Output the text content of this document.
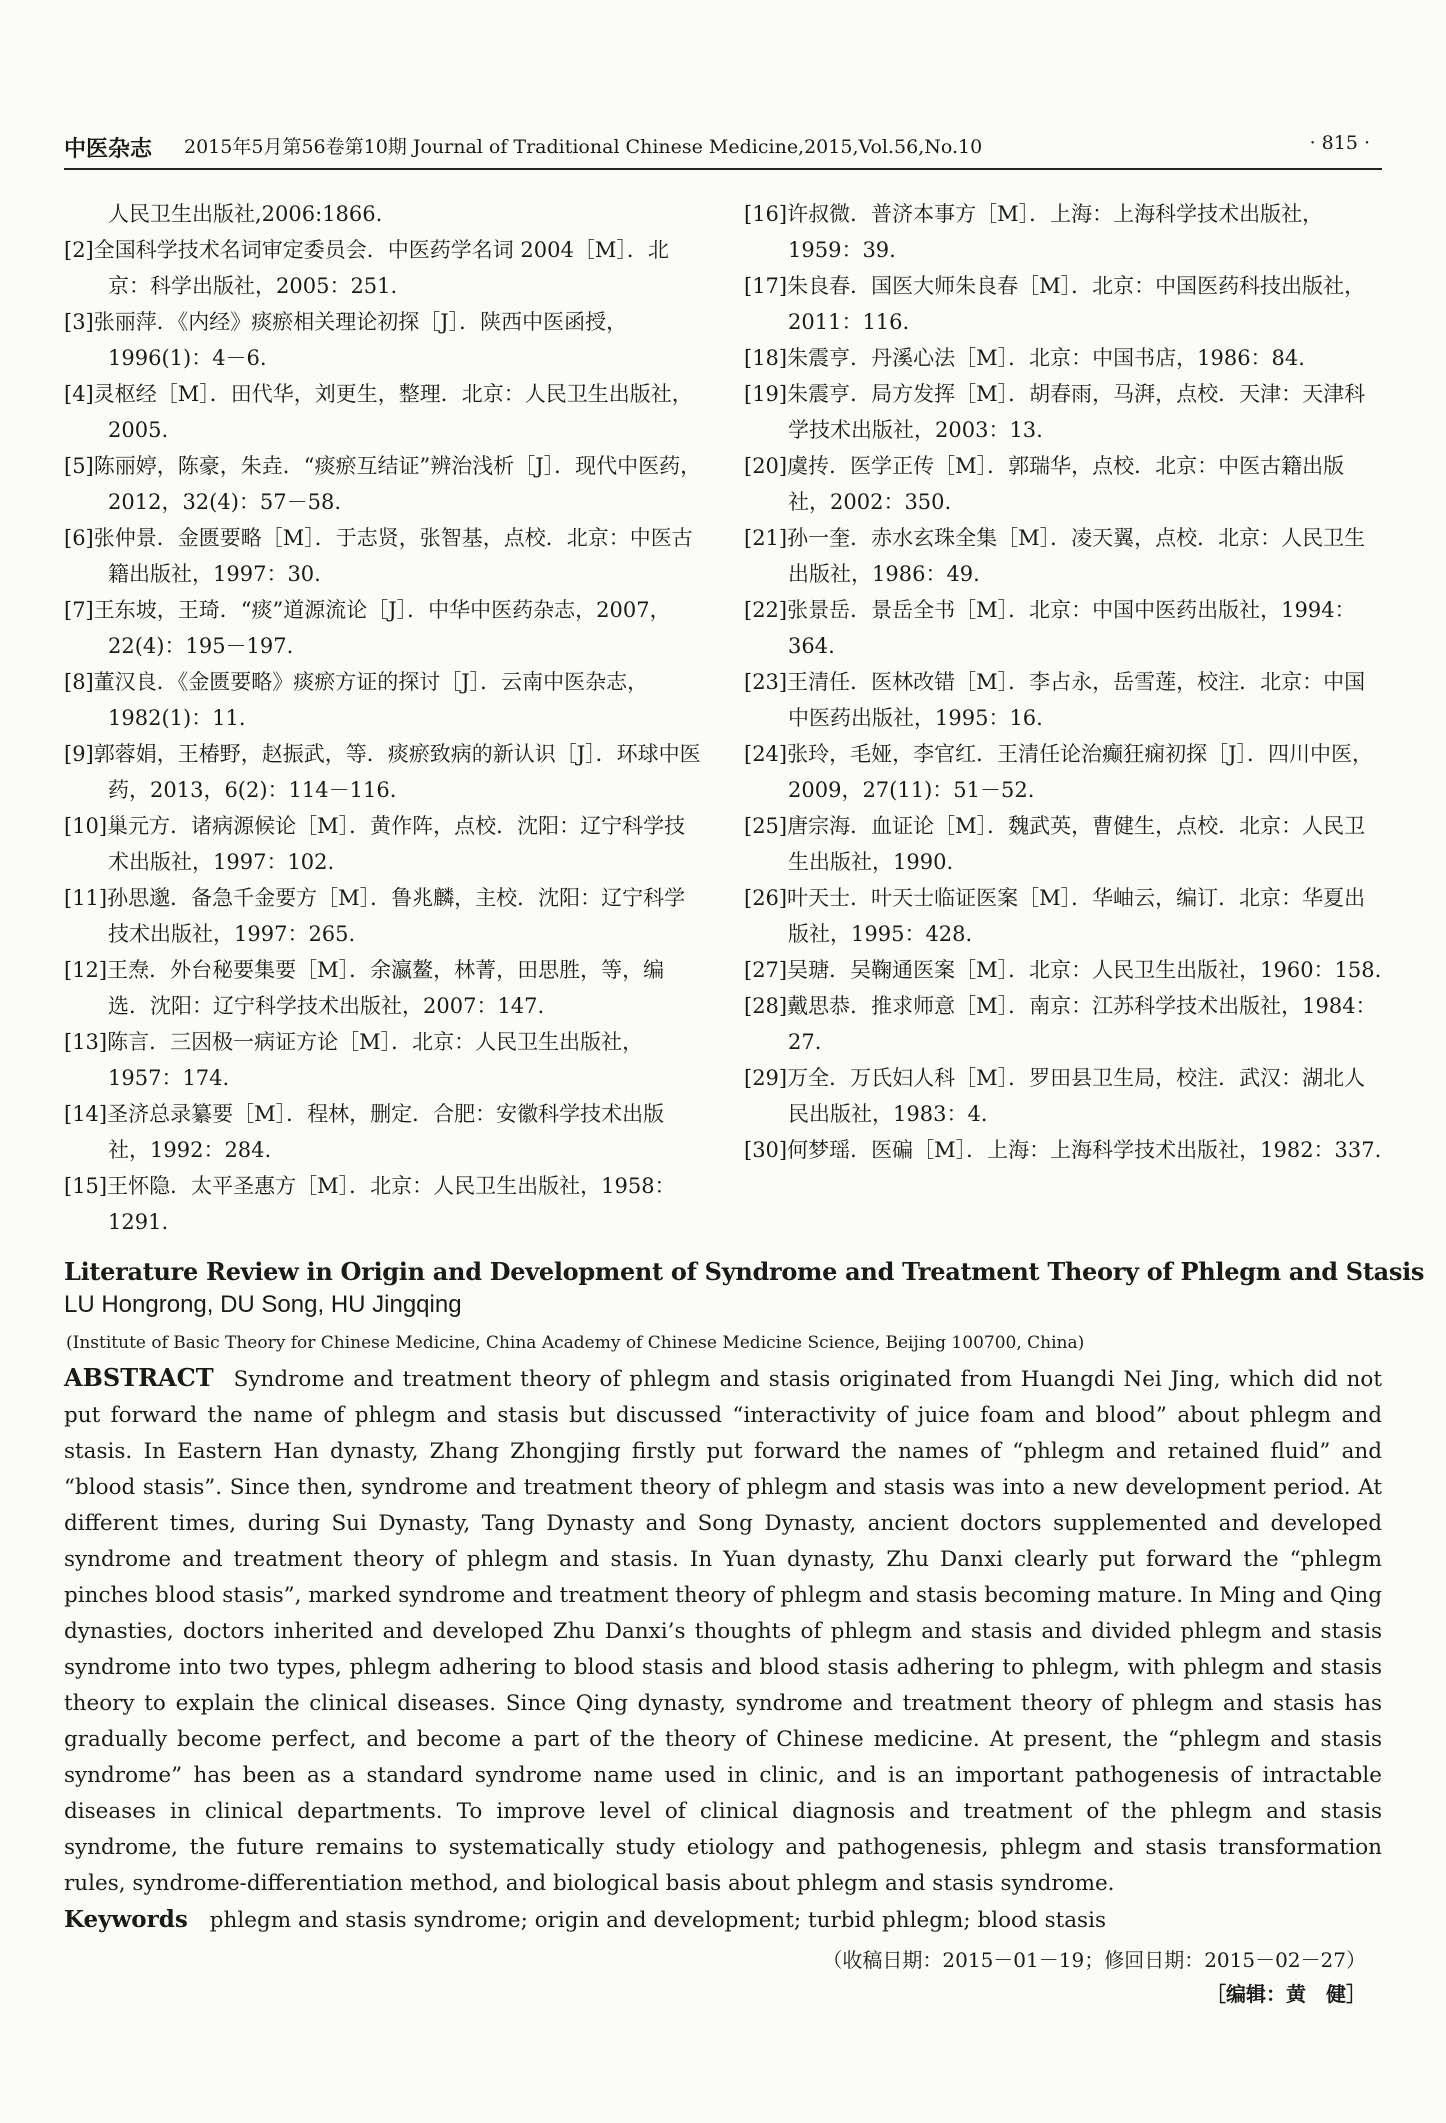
中医杂志 2015年5月第56卷第10期 Journal of Traditional Chinese Medicine,2015,Vol.56,No.10	· 815 ·
人民卫生出版社,2006:1866.
[2]全国科学技术名词审定委员会．中医药学名词 2004［M］．北京：科学出版社，2005：251.
[3]张丽萍．《内经》痰瘀相关理论初探［J］．陕西中医函授，1996(1)：4－6.
[4]灵枢经［M］．田代华，刘更生，整理．北京：人民卫生出版社，2005.
[5]陈丽婷，陈豪，朱垚．“痰瘀互结证”辨治浅析［J］．现代中医药，2012，32(4)：57－58.
[6]张仲景．金匮要略［M］．于志贤，张智基，点校．北京：中医古籍出版社，1997：30.
[7]王东坡，王琦．“痰”道源流论［J］．中华中医药杂志，2007，22(4)：195－197.
[8]董汉良．《金匮要略》痰瘀方证的探讨［J］．云南中医杂志，1982(1)：11.
[9]郭蓉娟，王椿野，赵振武，等．痰瘀致病的新认识［J］．环球中医药，2013，6(2)：114－116.
[10]巢元方．诸病源候论［M］．黄作阵，点校．沈阳：辽宁科学技术出版社，1997：102.
[11]孙思邈．备急千金要方［M］．鲁兆麟，主校．沈阳：辽宁科学技术出版社，1997：265.
[12]王焘．外台秘要集要［M］．余瀛鳌，林菁，田思胜，等，编选．沈阳：辽宁科学技术出版社，2007：147.
[13]陈言．三因极一病证方论［M］．北京：人民卫生出版社，1957：174.
[14]圣济总录纂要［M］．程林，删定．合肥：安徽科学技术出版社，1992：284.
[15]王怀隐．太平圣惠方［M］．北京：人民卫生出版社，1958：1291.
[16]许叔微．普济本事方［M］．上海：上海科学技术出版社，1959：39.
[17]朱良春．国医大师朱良春［M］．北京：中国医药科技出版社，2011：116.
[18]朱震亨．丹溪心法［M］．北京：中国书店，1986：84.
[19]朱震亨．局方发挥［M］．胡春雨，马湃，点校．天津：天津科学技术出版社，2003：13.
[20]虞抟．医学正传［M］．郭瑞华，点校．北京：中医古籍出版社，2002：350.
[21]孙一奎．赤水玄珠全集［M］．凌天翼，点校．北京：人民卫生出版社，1986：49.
[22]张景岳．景岳全书［M］．北京：中国中医药出版社，1994：364.
[23]王清任．医林改错［M］．李占永，岳雪莲，校注．北京：中国中医药出版社，1995：16.
[24]张玲，毛娅，李官红．王清任论治癫狂痫初探［J］．四川中医，2009，27(11)：51－52.
[25]唐宗海．血证论［M］．魏武英，曹健生，点校．北京：人民卫生出版社，1990.
[26]叶天士．叶天士临证医案［M］．华岫云，编订．北京：华夏出版社，1995：428.
[27]吴瑭．吴鞠通医案［M］．北京：人民卫生出版社，1960：158.
[28]戴思恭．推求师意［M］．南京：江苏科学技术出版社，1984：27.
[29]万全．万氏妇人科［M］．罗田县卫生局，校注．武汉：湖北人民出版社，1983：4.
[30]何梦瑶．医碥［M］．上海：上海科学技术出版社，1982：337.
Literature Review in Origin and Development of Syndrome and Treatment Theory of Phlegm and Stasis
LU Hongrong, DU Song, HU Jingqing
(Institute of Basic Theory for Chinese Medicine, China Academy of Chinese Medicine Science, Beijing 100700, China)
ABSTRACT Syndrome and treatment theory of phlegm and stasis originated from Huangdi Nei Jing, which did not put forward the name of phlegm and stasis but discussed “interactivity of juice foam and blood” about phlegm and stasis. In Eastern Han dynasty, Zhang Zhongjing firstly put forward the names of “phlegm and retained fluid” and “blood stasis”. Since then, syndrome and treatment theory of phlegm and stasis was into a new development period. At different times, during Sui Dynasty, Tang Dynasty and Song Dynasty, ancient doctors supplemented and developed syndrome and treatment theory of phlegm and stasis. In Yuan dynasty, Zhu Danxi clearly put forward the “phlegm pinches blood stasis”, marked syndrome and treatment theory of phlegm and stasis becoming mature. In Ming and Qing dynasties, doctors inherited and developed Zhu Danxi’s thoughts of phlegm and stasis and divided phlegm and stasis syndrome into two types, phlegm adhering to blood stasis and blood stasis adhering to phlegm, with phlegm and stasis theory to explain the clinical diseases. Since Qing dynasty, syndrome and treatment theory of phlegm and stasis has gradually become perfect, and become a part of the theory of Chinese medicine. At present, the “phlegm and stasis syndrome” has been as a standard syndrome name used in clinic, and is an important pathogenesis of intractable diseases in clinical departments. To improve level of clinical diagnosis and treatment of the phlegm and stasis syndrome, the future remains to systematically study etiology and pathogenesis, phlegm and stasis transformation rules, syndrome-differentiation method, and biological basis about phlegm and stasis syndrome.
Keywords phlegm and stasis syndrome; origin and development; turbid phlegm; blood stasis
（收稿日期：2015－01－19；修回日期：2015－02－27）
［编辑：黄　健］
